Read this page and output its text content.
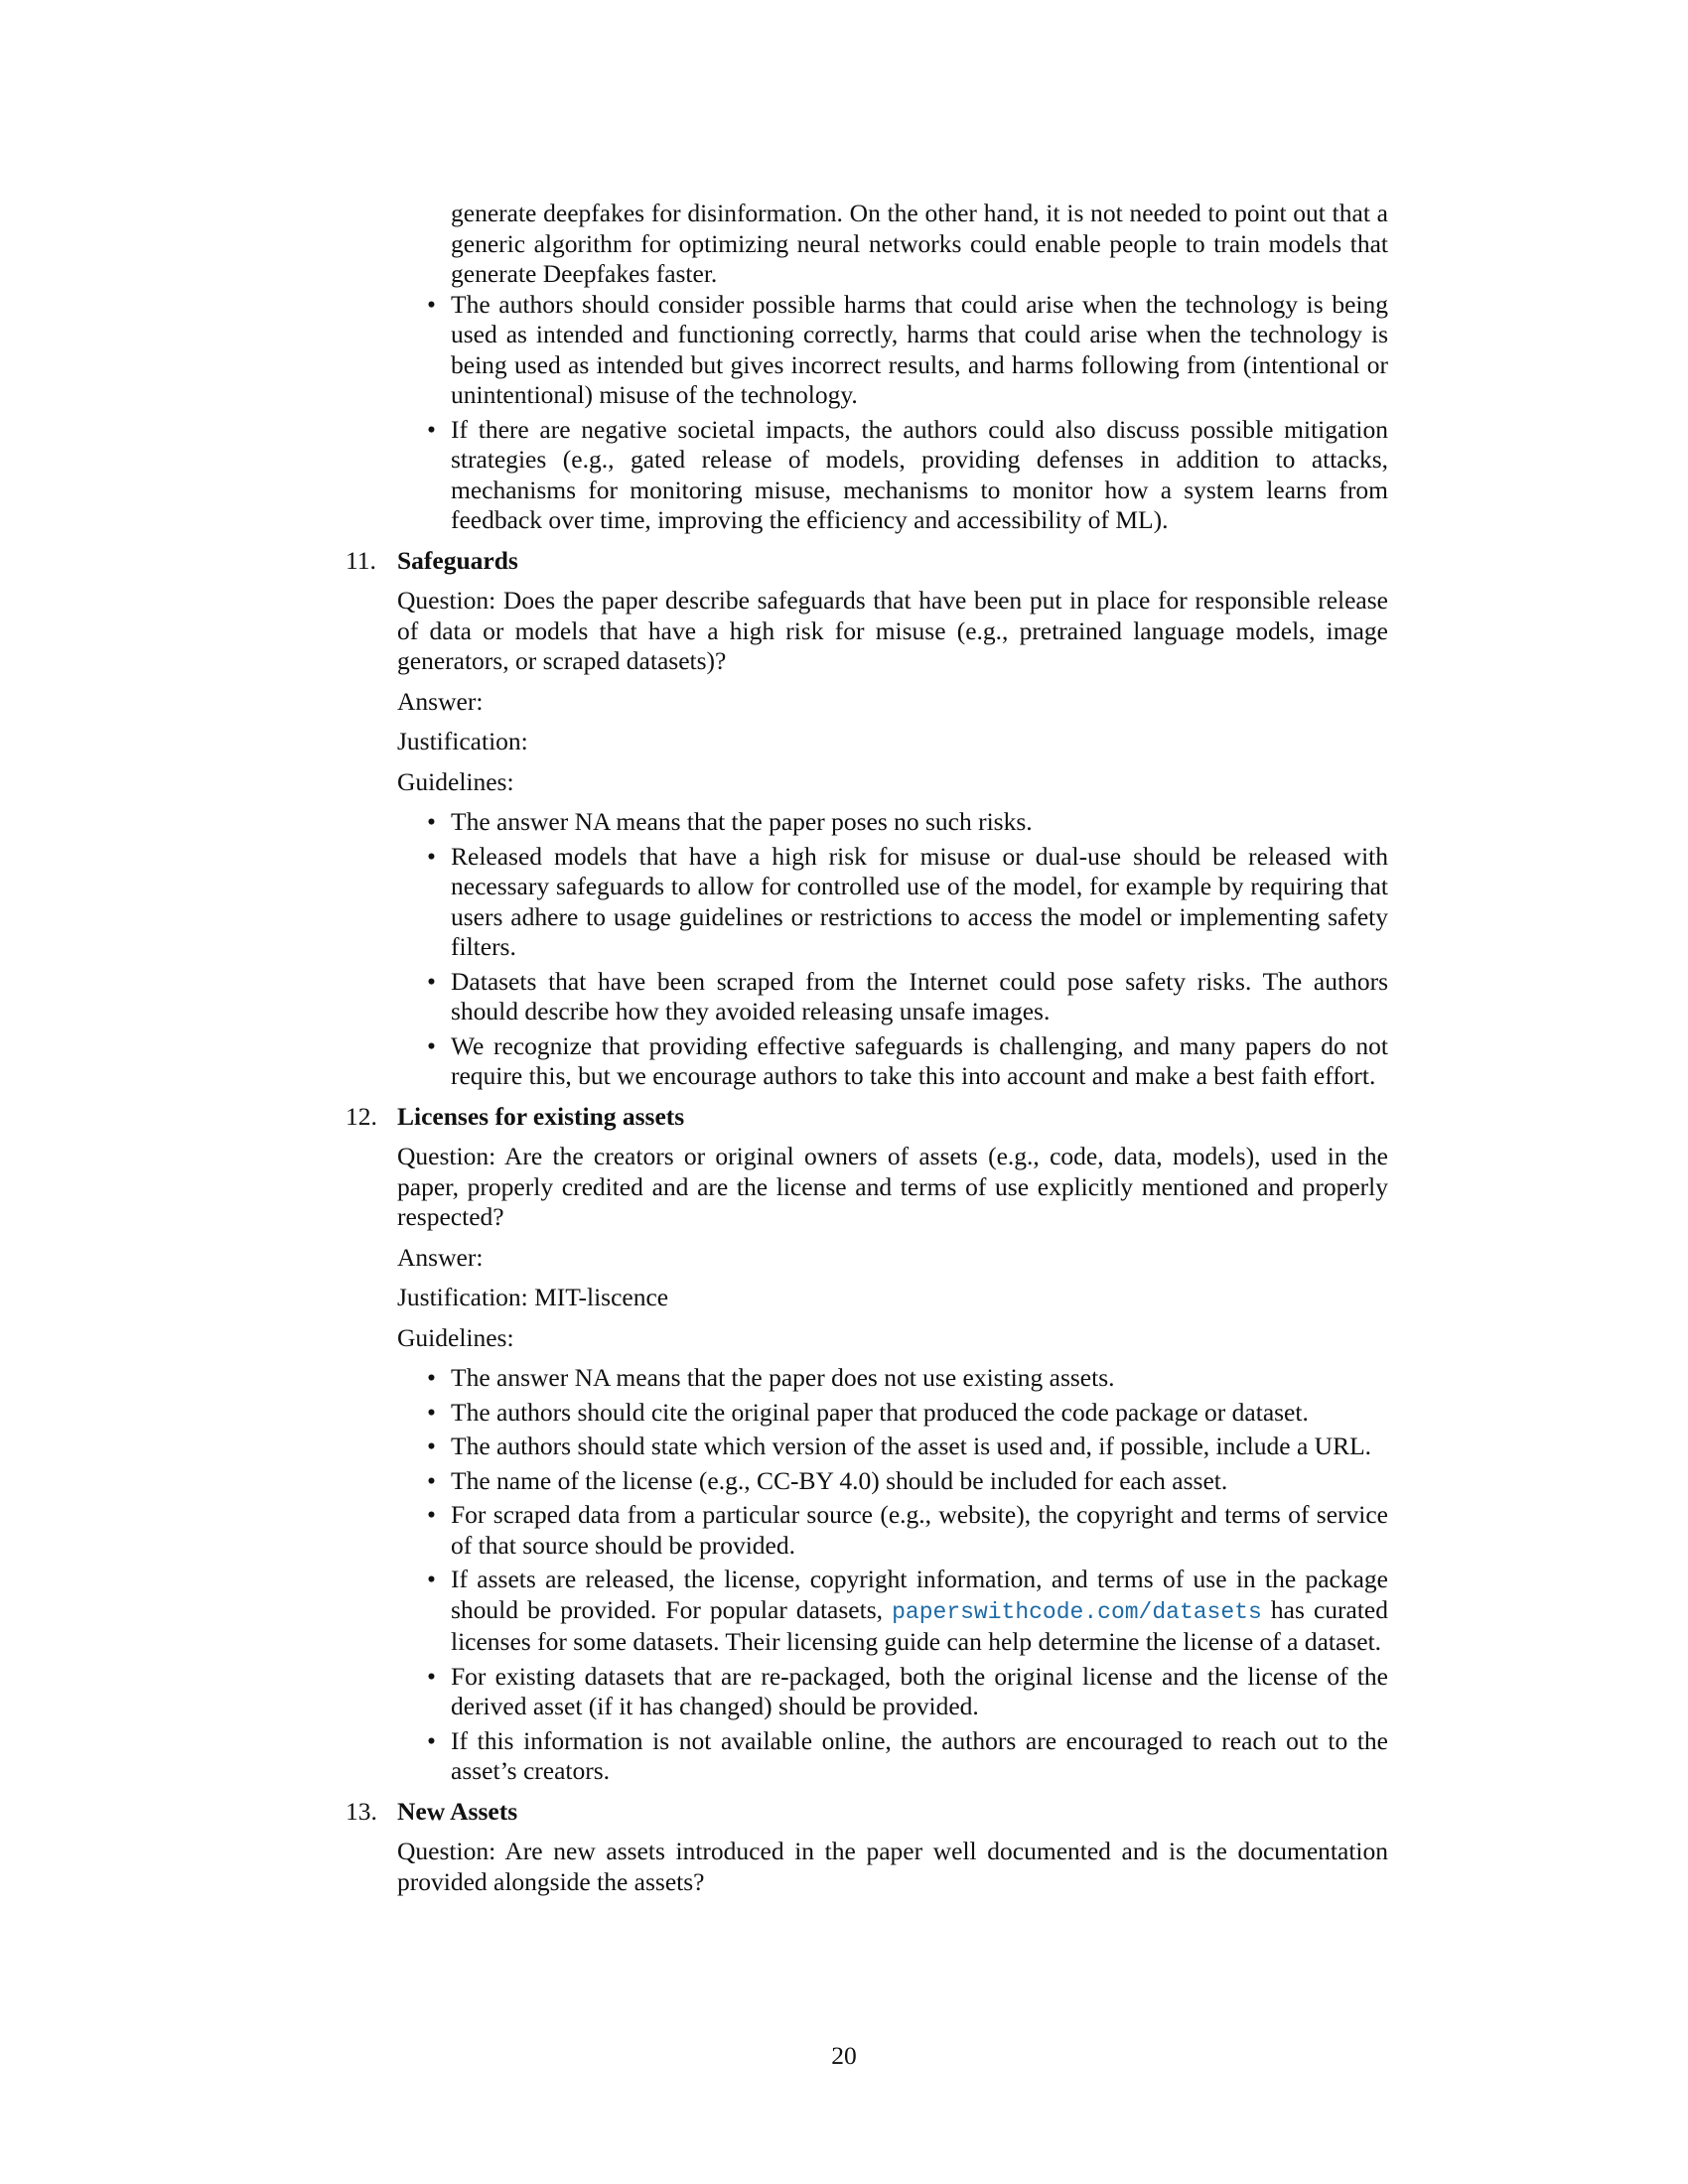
generate deepfakes for disinformation. On the other hand, it is not needed to point out that a generic algorithm for optimizing neural networks could enable people to train models that generate Deepfakes faster.

• The authors should consider possible harms that could arise when the technology is being used as intended and functioning correctly, harms that could arise when the technology is being used as intended but gives incorrect results, and harms following from (intentional or unintentional) misuse of the technology.
• If there are negative societal impacts, the authors could also discuss possible mitigation strategies (e.g., gated release of models, providing defenses in addition to attacks, mechanisms for monitoring misuse, mechanisms to monitor how a system learns from feedback over time, improving the efficiency and accessibility of ML).
11. Safeguards

Question: Does the paper describe safeguards that have been put in place for responsible release of data or models that have a high risk for misuse (e.g., pretrained language models, image generators, or scraped datasets)?

Answer:

Justification:

Guidelines:

• The answer NA means that the paper poses no such risks.
• Released models that have a high risk for misuse or dual-use should be released with necessary safeguards to allow for controlled use of the model, for example by requiring that users adhere to usage guidelines or restrictions to access the model or implementing safety filters.
• Datasets that have been scraped from the Internet could pose safety risks. The authors should describe how they avoided releasing unsafe images.
• We recognize that providing effective safeguards is challenging, and many papers do not require this, but we encourage authors to take this into account and make a best faith effort.
12. Licenses for existing assets

Question: Are the creators or original owners of assets (e.g., code, data, models), used in the paper, properly credited and are the license and terms of use explicitly mentioned and properly respected?

Answer:

Justification: MIT-liscence

Guidelines:

• The answer NA means that the paper does not use existing assets.
• The authors should cite the original paper that produced the code package or dataset.
• The authors should state which version of the asset is used and, if possible, include a URL.
• The name of the license (e.g., CC-BY 4.0) should be included for each asset.
• For scraped data from a particular source (e.g., website), the copyright and terms of service of that source should be provided.
• If assets are released, the license, copyright information, and terms of use in the package should be provided. For popular datasets, paperswithcode.com/datasets has curated licenses for some datasets. Their licensing guide can help determine the license of a dataset.
• For existing datasets that are re-packaged, both the original license and the license of the derived asset (if it has changed) should be provided.
• If this information is not available online, the authors are encouraged to reach out to the asset’s creators.
13. New Assets

Question: Are new assets introduced in the paper well documented and is the documentation provided alongside the assets?

20
